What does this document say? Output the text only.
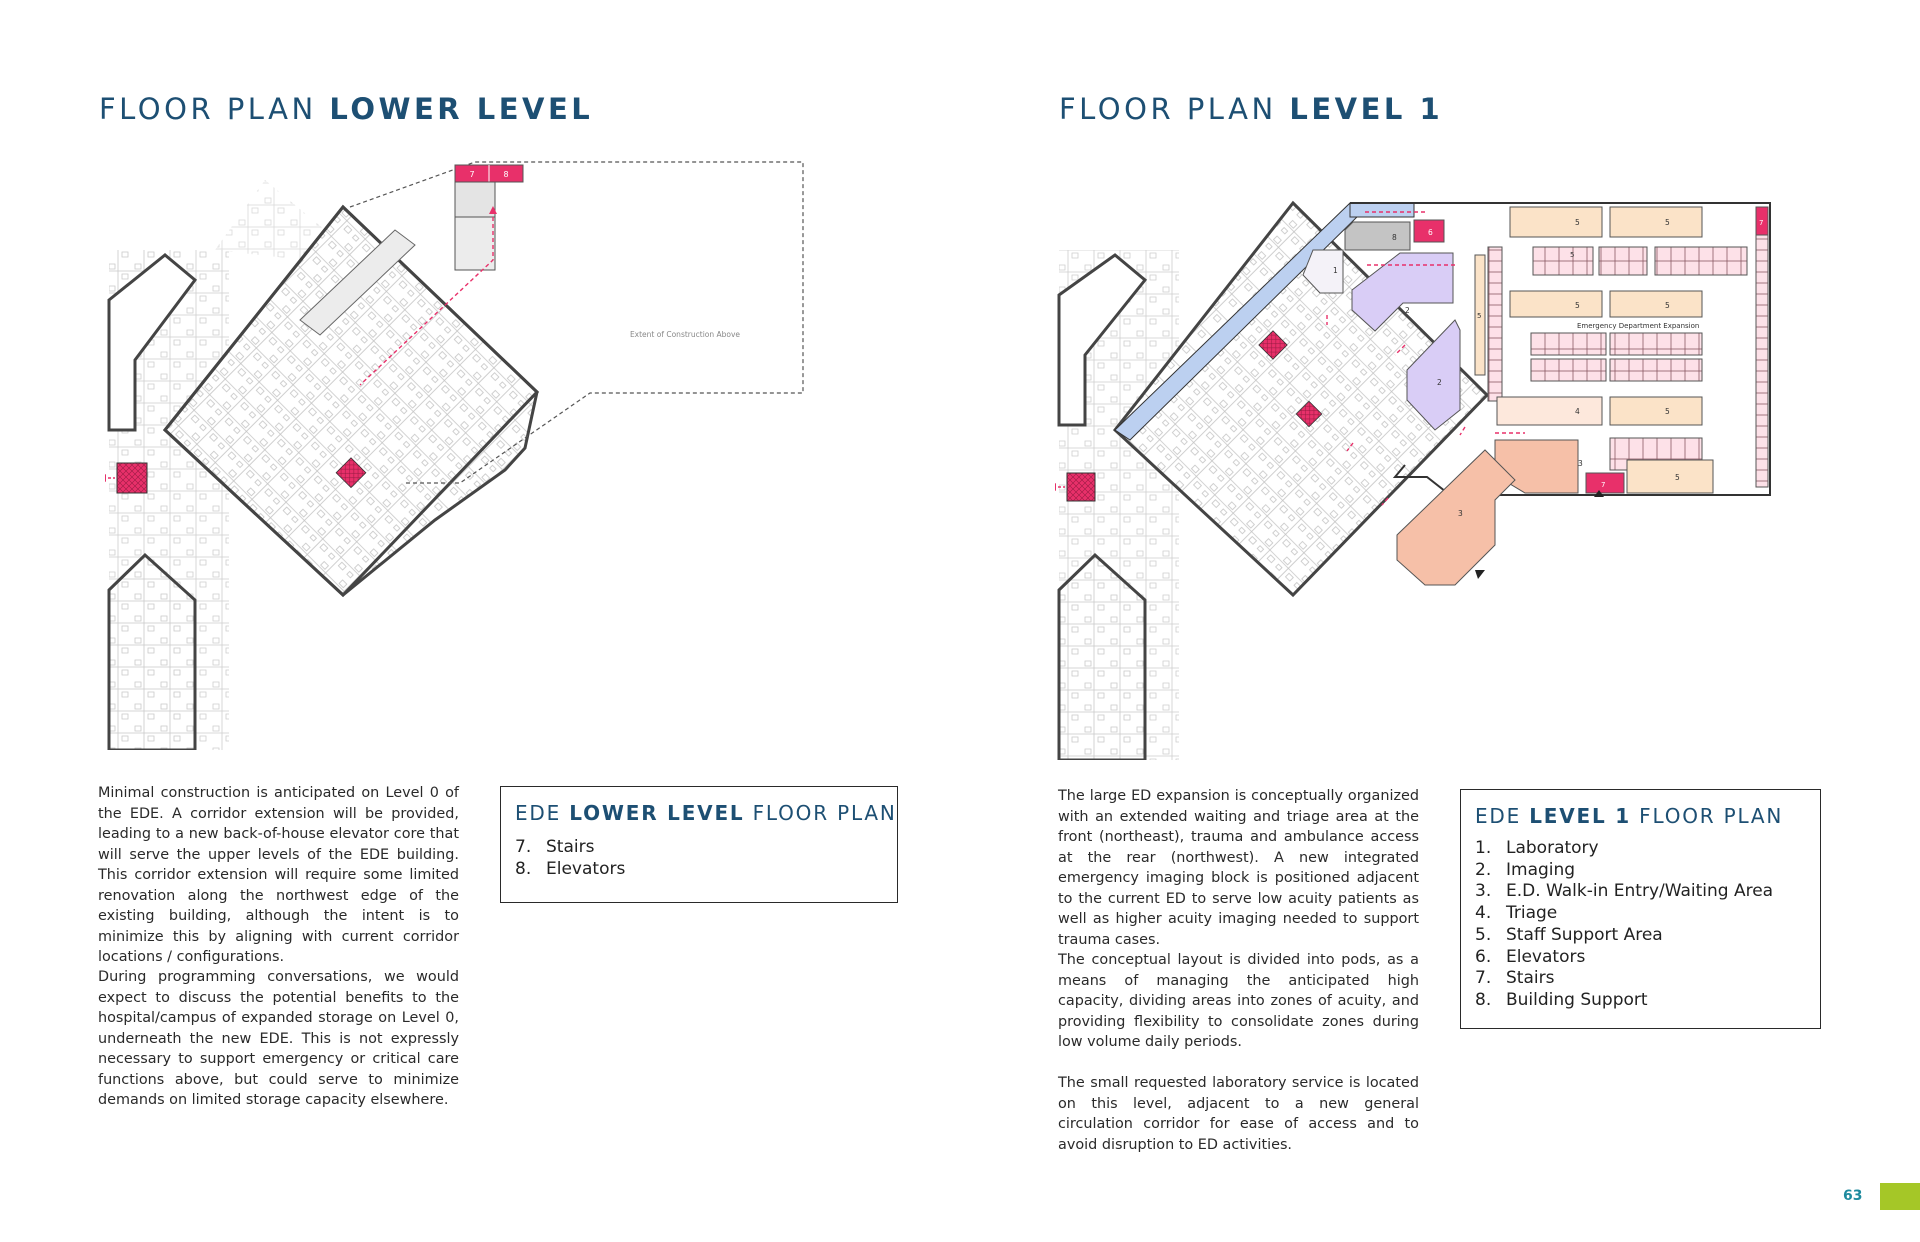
FLOOR PLAN LOWER LEVEL
7	8
Extent of Construction Above

Minimal construction is anticipated on Level 0 of the EDE. A corridor extension will be provided, leading to a new back-of-house elevator core that will serve the upper levels of the EDE building. This corridor extension will require some limited renovation along the northwest edge of the existing building, although the intent is to minimize this by aligning with current corridor locations / configurations.

During programming conversations, we would expect to discuss the potential benefits to the hospital/campus of expanded storage on Level 0, underneath the new EDE. This is not expressly necessary to support emergency or critical care functions above, but could serve to minimize demands on limited storage capacity elsewhere.

EDE LOWER LEVEL FLOOR PLAN
7. Stairs
8. Elevators
FLOOR PLAN LEVEL 1
8
6
1
2
2
5	5
5
5	5
Emergency Department Expansion
5
7
4	5
3
3
7
5

The large ED expansion is conceptually organized with an extended waiting and triage area at the front (northeast), trauma and ambulance access at the rear (northwest). A new integrated emergency imaging block is positioned adjacent to the current ED to serve low acuity patients as well as higher acuity imaging needed to support trauma cases.

The conceptual layout is divided into pods, as a means of managing the anticipated high capacity, dividing areas into zones of acuity, and providing flexibility to consolidate zones during low volume daily periods.

The small requested laboratory service is located on this level, adjacent to a new general circulation corridor for ease of access and to avoid disruption to ED activities.

EDE LEVEL 1 FLOOR PLAN
1. Laboratory
2. Imaging
3. E.D. Walk-in Entry/Waiting Area
4. Triage
5. Staff Support Area
6. Elevators
7. Stairs
8. Building Support
63
